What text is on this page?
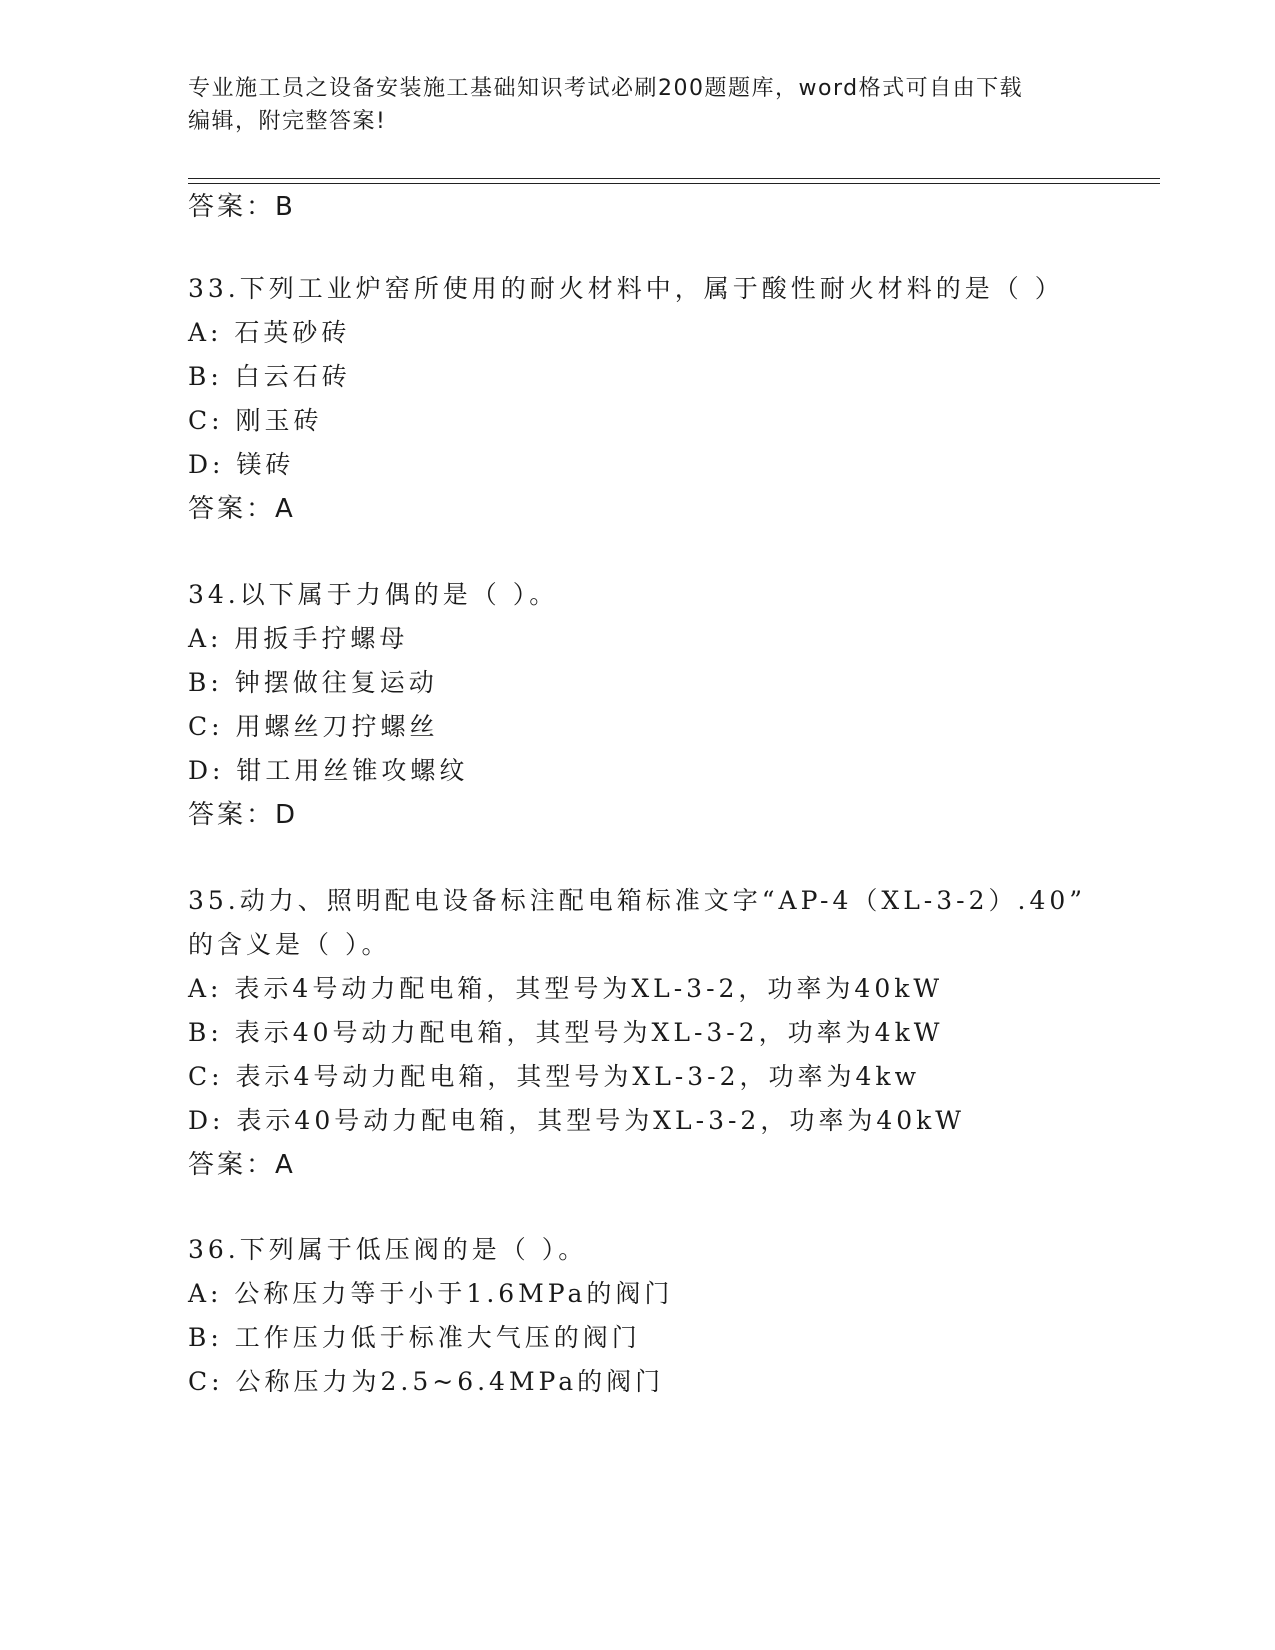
专业施工员之设备安装施工基础知识考试必刷200题题库，word格式可自由下载
编辑，附完整答案!
答案：B
33.下列工业炉窑所使用的耐火材料中，属于酸性耐火材料的是（ ）
A: 石英砂砖
B: 白云石砖
C: 刚玉砖
D: 镁砖
答案：A
34.以下属于力偶的是（ ）。
A: 用扳手拧螺母
B: 钟摆做往复运动
C: 用螺丝刀拧螺丝
D: 钳工用丝锥攻螺纹
答案：D
35.动力、照明配电设备标注配电箱标准文字“AP-4（XL-3-2）.40”
的含义是（ ）。
A: 表示4号动力配电箱，其型号为XL-3-2，功率为40kW
B: 表示40号动力配电箱，其型号为XL-3-2，功率为4kW
C: 表示4号动力配电箱，其型号为XL-3-2，功率为4kw
D: 表示40号动力配电箱，其型号为XL-3-2，功率为40kW
答案：A
36.下列属于低压阀的是（ ）。
A: 公称压力等于小于1.6MPa的阀门
B: 工作压力低于标准大气压的阀门
C: 公称压力为2.5~6.4MPa的阀门
